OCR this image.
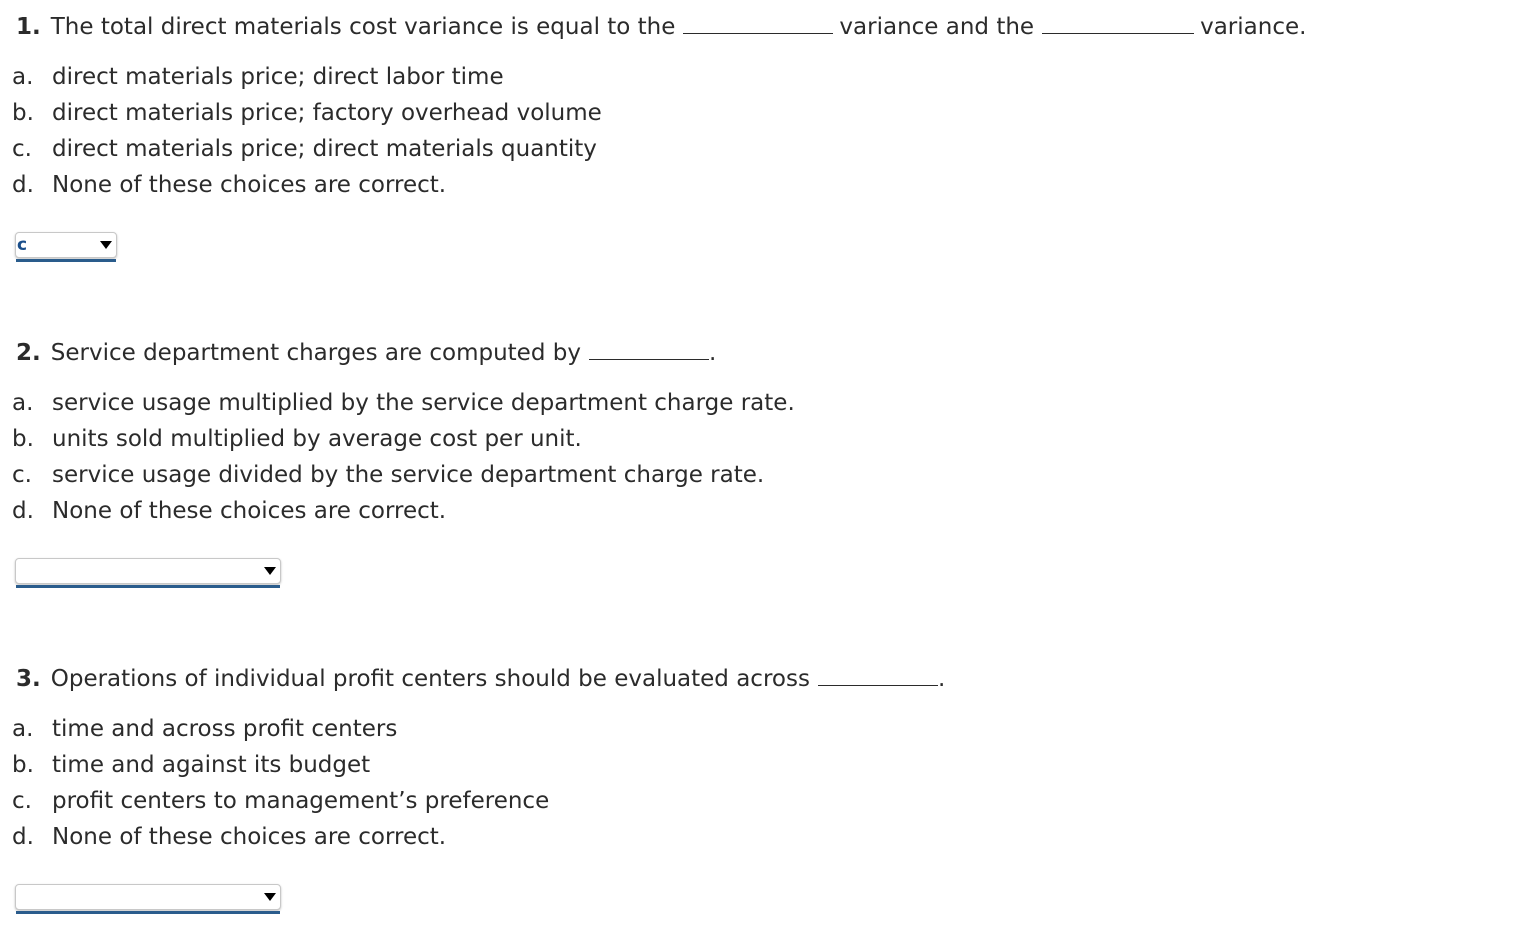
1. The total direct materials cost variance is equal to the	variance and the	variance.
a. direct materials price; direct labor time
b. direct materials price; factory overhead volume
c. direct materials price; direct materials quantity
d. None of these choices are correct.
c
2. Service department charges are computed by	.
a. service usage multiplied by the service department charge rate.
b. units sold multiplied by average cost per unit.
c. service usage divided by the service department charge rate.
d. None of these choices are correct.
3. Operations of individual profit centers should be evaluated across	.
a. time and across profit centers
b. time and against its budget
c. profit centers to management’s preference
d. None of these choices are correct.
